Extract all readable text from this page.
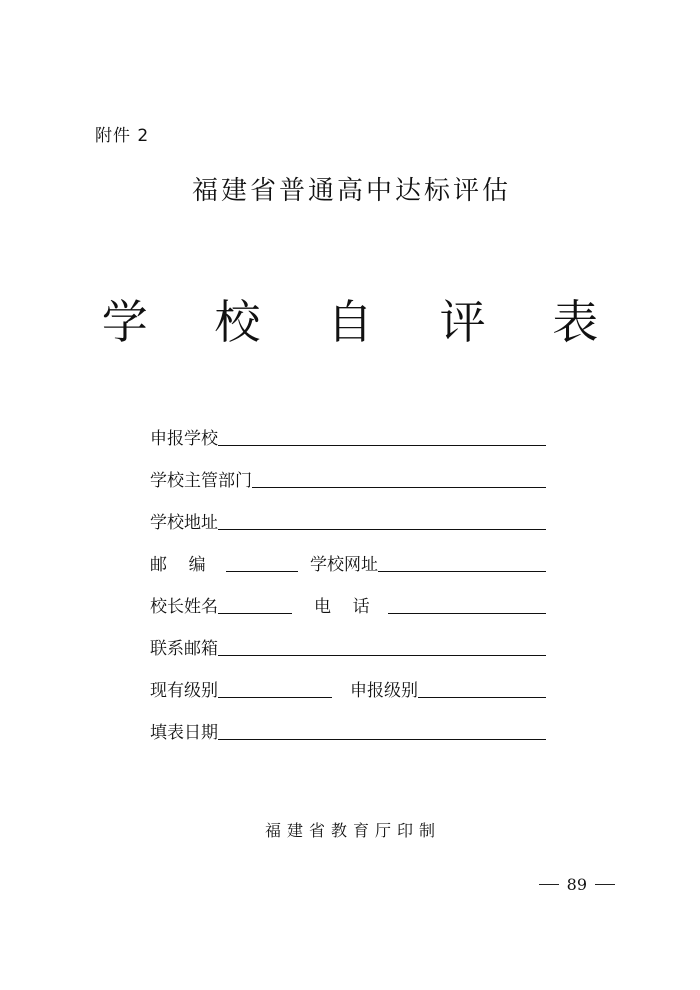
附件 2
福建省普通高中达标评估
学 校 自 评 表
申报学校
学校主管部门
学校地址
邮    编	学校网址
校长姓名	电    话
联系邮箱
现有级别	申报级别
填表日期
福建省教育厅印制
89
